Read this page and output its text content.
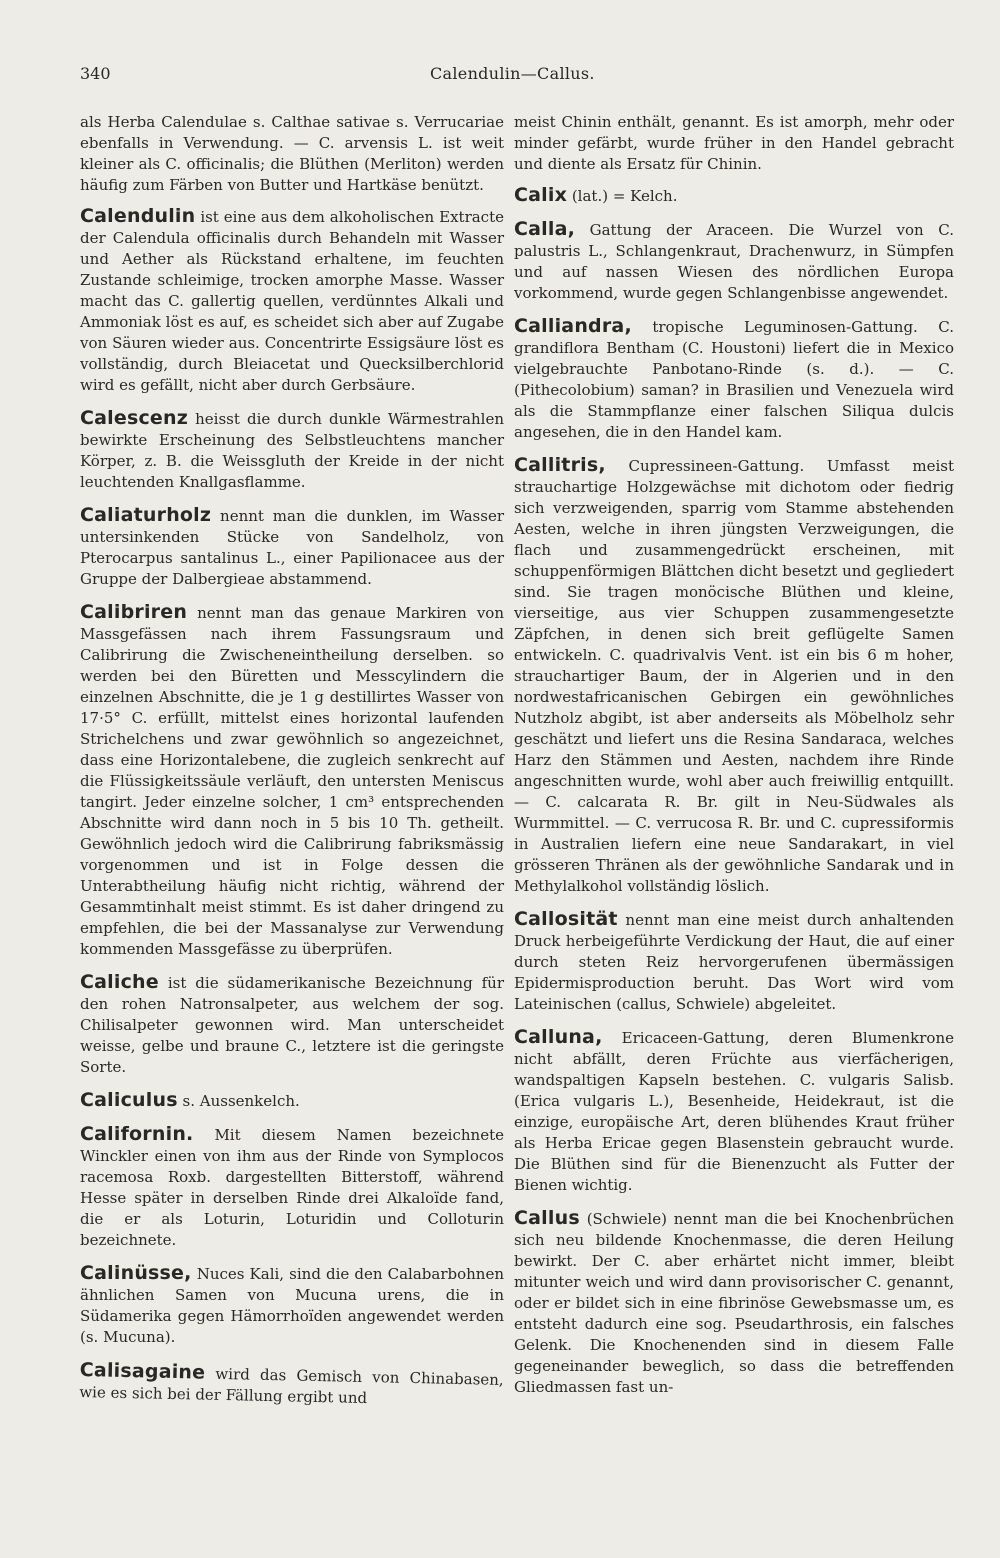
340	Calendulin—Callus.

als Herba Calendulae s. Calthae sativae s. Verrucariae ebenfalls in Verwendung. — C. arvensis L. ist weit kleiner als C. officinalis; die Blüthen (Merliton) werden häufig zum Färben von Butter und Hartkäse benützt.

Calendulin ist eine aus dem alkoholischen Extracte der Calendula officinalis durch Behandeln mit Wasser und Aether als Rückstand erhaltene, im feuchten Zustande schleimige, trocken amorphe Masse. Wasser macht das C. gallertig quellen, verdünntes Alkali und Ammoniak löst es auf, es scheidet sich aber auf Zugabe von Säuren wieder aus. Concentrirte Essigsäure löst es vollständig, durch Bleiacetat und Quecksilberchlorid wird es gefällt, nicht aber durch Gerbsäure.

Calescenz heisst die durch dunkle Wärmestrahlen bewirkte Erscheinung des Selbstleuchtens mancher Körper, z. B. die Weissgluth der Kreide in der nicht leuchtenden Knallgasflamme.

Caliaturholz nennt man die dunklen, im Wasser untersinkenden Stücke von Sandelholz, von Pterocarpus santalinus L., einer Papilionacee aus der Gruppe der Dalbergieae abstammend.

Calibriren nennt man das genaue Markiren von Massgefässen nach ihrem Fassungsraum und Calibrirung die Zwischeneintheilung derselben. so werden bei den Büretten und Messcylindern die einzelnen Abschnitte, die je 1 g destillirtes Wasser von 17·5° C. erfüllt, mittelst eines horizontal laufenden Strichelchens und zwar gewöhnlich so angezeichnet, dass eine Horizontalebene, die zugleich senkrecht auf die Flüssigkeitssäule verläuft, den untersten Meniscus tangirt. Jeder einzelne solcher, 1 cm³ entsprechenden Abschnitte wird dann noch in 5 bis 10 Th. getheilt. Gewöhnlich jedoch wird die Calibrirung fabriksmässig vorgenommen und ist in Folge dessen die Unterabtheilung häufig nicht richtig, während der Gesammtinhalt meist stimmt. Es ist daher dringend zu empfehlen, die bei der Massanalyse zur Verwendung kommenden Massgefässe zu überprüfen.

Caliche ist die südamerikanische Bezeichnung für den rohen Natronsalpeter, aus welchem der sog. Chilisalpeter gewonnen wird. Man unterscheidet weisse, gelbe und braune C., letztere ist die geringste Sorte.

Caliculus s. Aussenkelch.

Californin. Mit diesem Namen bezeichnete Winckler einen von ihm aus der Rinde von Symplocos racemosa Roxb. dargestellten Bitterstoff, während Hesse später in derselben Rinde drei Alkaloïde fand, die er als Loturin, Loturidin und Colloturin bezeichnete.

Calinüsse, Nuces Kali, sind die den Calabarbohnen ähnlichen Samen von Mucuna urens, die in Südamerika gegen Hämorrhoïden angewendet werden (s. Mucuna).

Calisagaine wird das Gemisch von Chinabasen, wie es sich bei der Fällung ergibt und

meist Chinin enthält, genannt. Es ist amorph, mehr oder minder gefärbt, wurde früher in den Handel gebracht und diente als Ersatz für Chinin.

Calix (lat.) = Kelch.

Calla, Gattung der Araceen. Die Wurzel von C. palustris L., Schlangenkraut, Drachenwurz, in Sümpfen und auf nassen Wiesen des nördlichen Europa vorkommend, wurde gegen Schlangenbisse angewendet.

Calliandra, tropische Leguminosen-Gattung. C. grandiflora Bentham (C. Houstoni) liefert die in Mexico vielgebrauchte Panbotano-Rinde (s. d.). — C. (Pithecolobium) saman? in Brasilien und Venezuela wird als die Stammpflanze einer falschen Siliqua dulcis angesehen, die in den Handel kam.

Callitris, Cupressineen-Gattung. Umfasst meist strauchartige Holzgewächse mit dichotom oder fiedrig sich verzweigenden, sparrig vom Stamme abstehenden Aesten, welche in ihren jüngsten Verzweigungen, die flach und zusammengedrückt erscheinen, mit schuppenförmigen Blättchen dicht besetzt und gegliedert sind. Sie tragen monöcische Blüthen und kleine, vierseitige, aus vier Schuppen zusammengesetzte Zäpfchen, in denen sich breit geflügelte Samen entwickeln. C. quadrivalvis Vent. ist ein bis 6 m hoher, strauchartiger Baum, der in Algerien und in den nordwestafricanischen Gebirgen ein gewöhnliches Nutzholz abgibt, ist aber anderseits als Möbelholz sehr geschätzt und liefert uns die Resina Sandaraca, welches Harz den Stämmen und Aesten, nachdem ihre Rinde angeschnitten wurde, wohl aber auch freiwillig entquillt. — C. calcarata R. Br. gilt in Neu-Südwales als Wurmmittel. — C. verrucosa R. Br. und C. cupressiformis in Australien liefern eine neue Sandarakart, in viel grösseren Thränen als der gewöhnliche Sandarak und in Methylalkohol vollständig löslich.

Callosität nennt man eine meist durch anhaltenden Druck herbeigeführte Verdickung der Haut, die auf einer durch steten Reiz hervorgerufenen übermässigen Epidermisproduction beruht. Das Wort wird vom Lateinischen (callus, Schwiele) abgeleitet.

Calluna, Ericaceen-Gattung, deren Blumenkrone nicht abfällt, deren Früchte aus vierfächerigen, wandspaltigen Kapseln bestehen. C. vulgaris Salisb. (Erica vulgaris L.), Besenheide, Heidekraut, ist die einzige, europäische Art, deren blühendes Kraut früher als Herba Ericae gegen Blasenstein gebraucht wurde. Die Blüthen sind für die Bienenzucht als Futter der Bienen wichtig.

Callus (Schwiele) nennt man die bei Knochenbrüchen sich neu bildende Knochenmasse, die deren Heilung bewirkt. Der C. aber erhärtet nicht immer, bleibt mitunter weich und wird dann provisorischer C. genannt, oder er bildet sich in eine fibrinöse Gewebsmasse um, es entsteht dadurch eine sog. Pseudarthrosis, ein falsches Gelenk. Die Knochenenden sind in diesem Falle gegeneinander beweglich, so dass die betreffenden Gliedmassen fast un-
